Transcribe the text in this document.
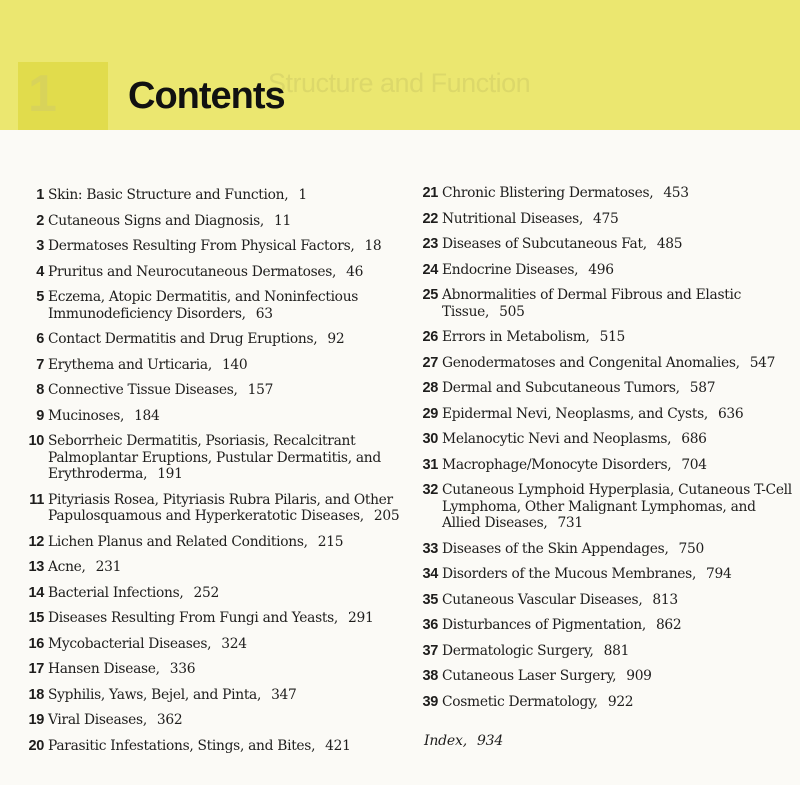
1	Structure and Function
Contents
1 Skin: Basic Structure and Function, 1
2 Cutaneous Signs and Diagnosis, 11
3 Dermatoses Resulting From Physical Factors, 18
4 Pruritus and Neurocutaneous Dermatoses, 46
5 Eczema, Atopic Dermatitis, and Noninfectious
Immunodeficiency Disorders, 63
6 Contact Dermatitis and Drug Eruptions, 92
7 Erythema and Urticaria, 140
8 Connective Tissue Diseases, 157
9 Mucinoses, 184
10 Seborrheic Dermatitis, Psoriasis, Recalcitrant
Palmoplantar Eruptions, Pustular Dermatitis, and
Erythroderma, 191
11 Pityriasis Rosea, Pityriasis Rubra Pilaris, and Other
Papulosquamous and Hyperkeratotic Diseases, 205
12 Lichen Planus and Related Conditions, 215
13 Acne, 231
14 Bacterial Infections, 252
15 Diseases Resulting From Fungi and Yeasts, 291
16 Mycobacterial Diseases, 324
17 Hansen Disease, 336
18 Syphilis, Yaws, Bejel, and Pinta, 347
19 Viral Diseases, 362
20 Parasitic Infestations, Stings, and Bites, 421
21 Chronic Blistering Dermatoses, 453
22 Nutritional Diseases, 475
23 Diseases of Subcutaneous Fat, 485
24 Endocrine Diseases, 496
25 Abnormalities of Dermal Fibrous and Elastic
Tissue, 505
26 Errors in Metabolism, 515
27 Genodermatoses and Congenital Anomalies, 547
28 Dermal and Subcutaneous Tumors, 587
29 Epidermal Nevi, Neoplasms, and Cysts, 636
30 Melanocytic Nevi and Neoplasms, 686
31 Macrophage/Monocyte Disorders, 704
32 Cutaneous Lymphoid Hyperplasia, Cutaneous T-Cell
Lymphoma, Other Malignant Lymphomas, and
Allied Diseases, 731
33 Diseases of the Skin Appendages, 750
34 Disorders of the Mucous Membranes, 794
35 Cutaneous Vascular Diseases, 813
36 Disturbances of Pigmentation, 862
37 Dermatologic Surgery, 881
38 Cutaneous Laser Surgery, 909
39 Cosmetic Dermatology, 922
Index, 934
